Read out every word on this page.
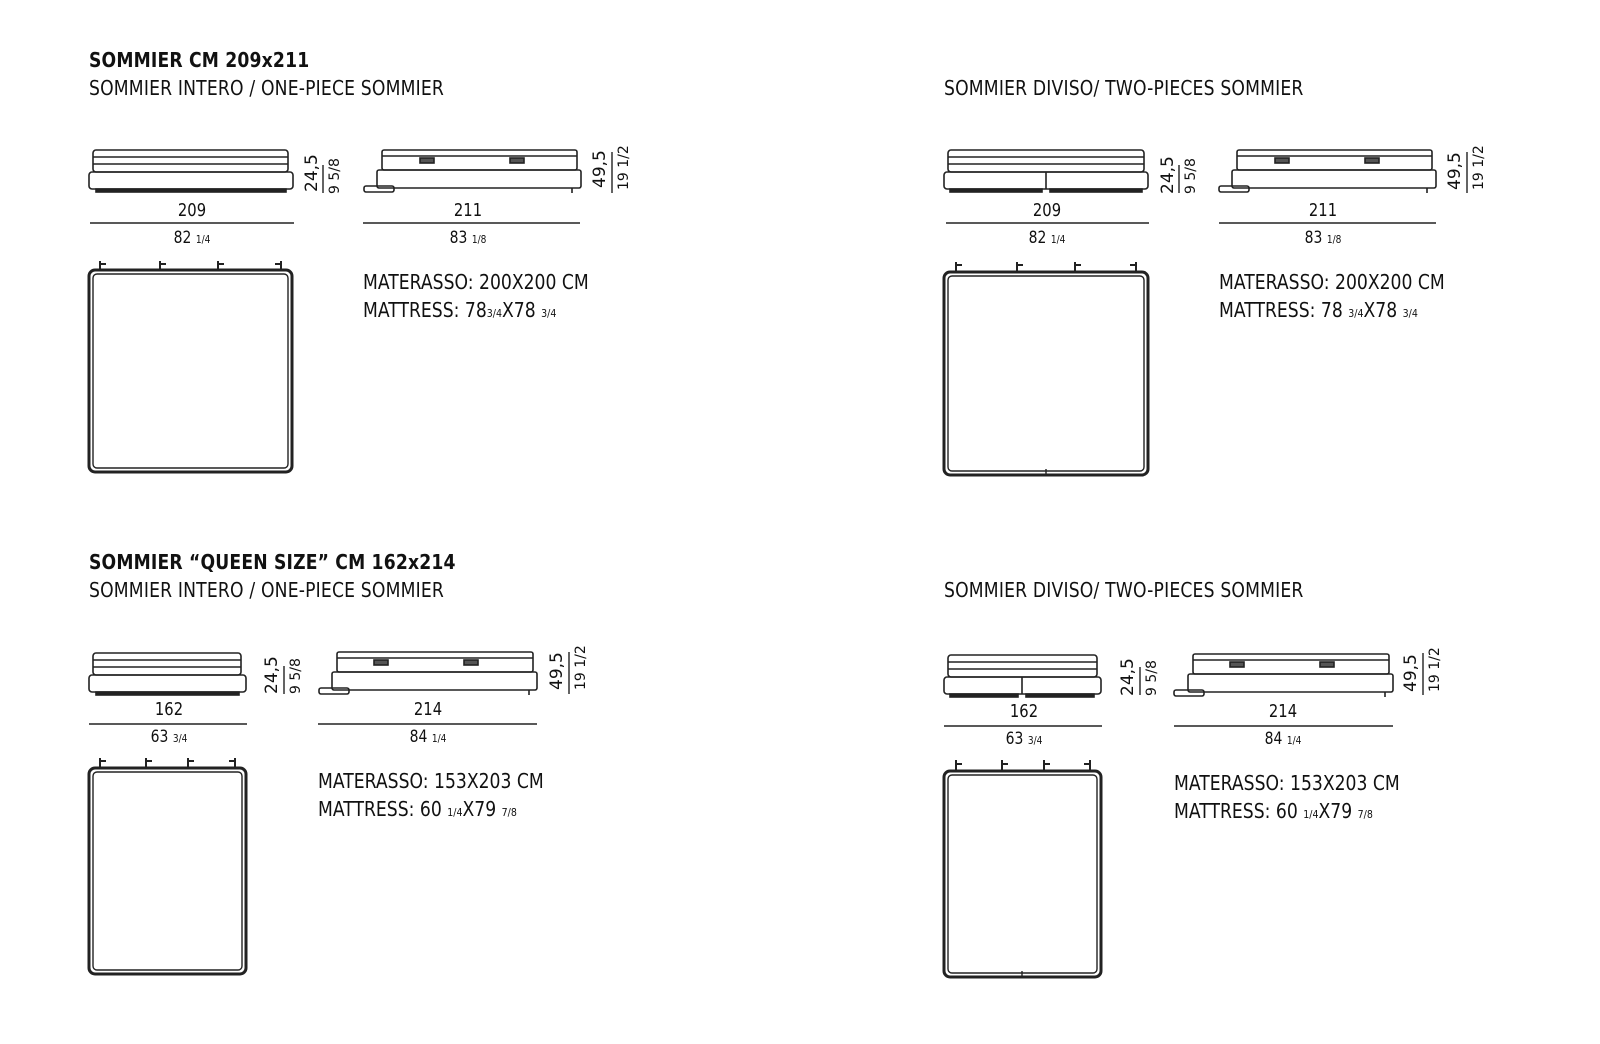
SOMMIER CM 209x211
SOMMIER INTERO / ONE-PIECE SOMMIER
209
82 1/4
211
83 1/8
24,5 9 5/8	49,5 19 1/2
MATERASSO: 200X200 CM
MATTRESS: 783/4X78 3/4
SOMMIER DIVISO/ TWO-PIECES SOMMIER
209
82 1/4
211
83 1/8
24,5 9 5/8	49,5 19 1/2
MATERASSO: 200X200 CM
MATTRESS: 78 3/4X78 3/4
SOMMIER “QUEEN SIZE” CM 162x214
SOMMIER INTERO / ONE-PIECE SOMMIER
162
63 3/4
214
84 1/4
24,5 9 5/8	49,5 19 1/2
MATERASSO: 153X203 CM
MATTRESS: 60 1/4X79 7/8
SOMMIER DIVISO/ TWO-PIECES SOMMIER
162
63 3/4
214
84 1/4
24,5 9 5/8	49,5 19 1/2
MATERASSO: 153X203 CM
MATTRESS: 60 1/4X79 7/8
